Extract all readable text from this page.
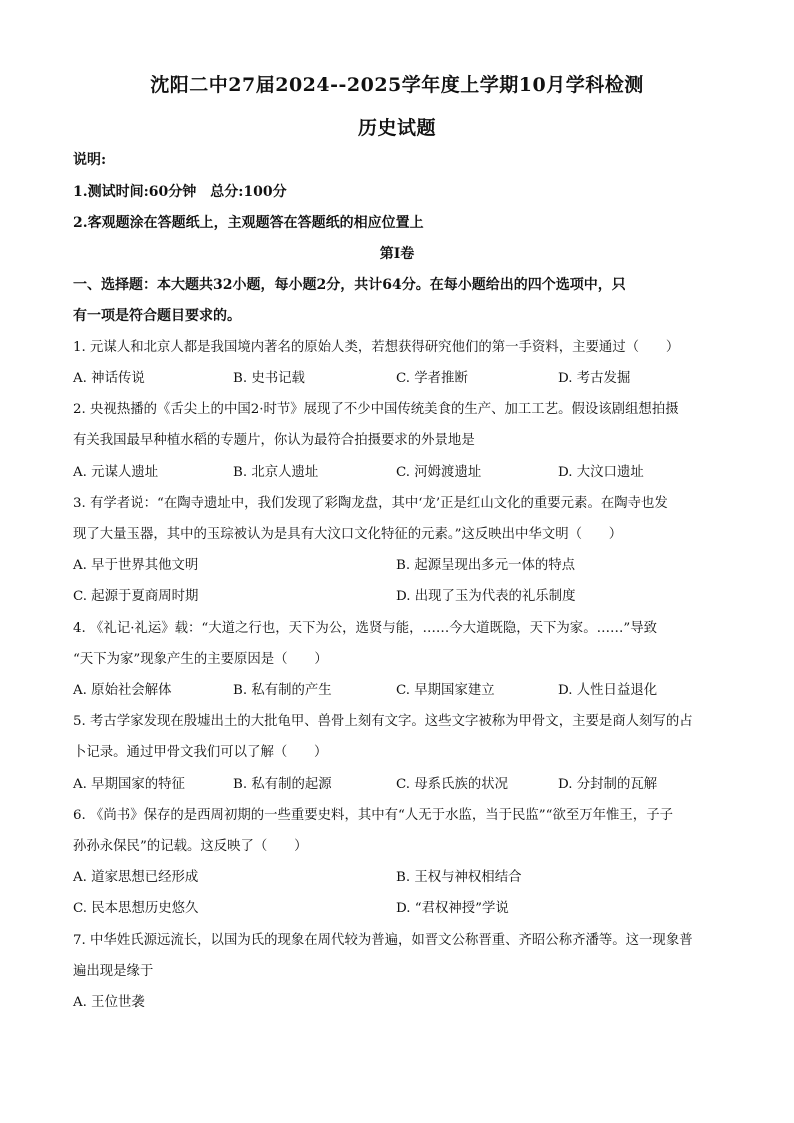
沈阳二中27届2024--2025学年度上学期10月学科检测
历史试题
说明:
1.测试时间:60分钟　总分:100分
2.客观题涂在答题纸上，主观题答在答题纸的相应位置上
第Ⅰ卷
一、选择题：本大题共32小题，每小题2分，共计64分。在每小题给出的四个选项中，只
有一项是符合题目要求的。
1. 元谋人和北京人都是我国境内著名的原始人类，若想获得研究他们的第一手资料，主要通过（　　）
A. 神话传说	B. 史书记载	C. 学者推断	D. 考古发掘
2. 央视热播的《舌尖上的中国2·时节》展现了不少中国传统美食的生产、加工工艺。假设该剧组想拍摄
有关我国最早种植水稻的专题片，你认为最符合拍摄要求的外景地是
A. 元谋人遗址	B. 北京人遗址	C. 河姆渡遗址	D. 大汶口遗址
3. 有学者说：“在陶寺遗址中，我们发现了彩陶龙盘，其中‘龙’正是红山文化的重要元素。在陶寺也发
现了大量玉器，其中的玉琮被认为是具有大汶口文化特征的元素。”这反映出中华文明（　　）
A. 早于世界其他文明	B. 起源呈现出多元一体的特点
C. 起源于夏商周时期	D. 出现了玉为代表的礼乐制度
4. 《礼记·礼运》载：“大道之行也，天下为公，选贤与能，……今大道既隐，天下为家。……”导致
“天下为家”现象产生的主要原因是（　　）
A. 原始社会解体	B. 私有制的产生	C. 早期国家建立	D. 人性日益退化
5. 考古学家发现在殷墟出土的大批龟甲、兽骨上刻有文字。这些文字被称为甲骨文，主要是商人刻写的占
卜记录。通过甲骨文我们可以了解（　　）
A. 早期国家的特征	B. 私有制的起源	C. 母系氏族的状况	D. 分封制的瓦解
6. 《尚书》保存的是西周初期的一些重要史料，其中有“人无于水监，当于民监”“欲至万年惟王，子子
孙孙永保民”的记载。这反映了（　　）
A. 道家思想已经形成	B. 王权与神权相结合
C. 民本思想历史悠久	D. “君权神授”学说
7. 中华姓氏源远流长，以国为氏的现象在周代较为普遍，如晋文公称晋重、齐昭公称齐潘等。这一现象普
遍出现是缘于
A. 王位世袭
